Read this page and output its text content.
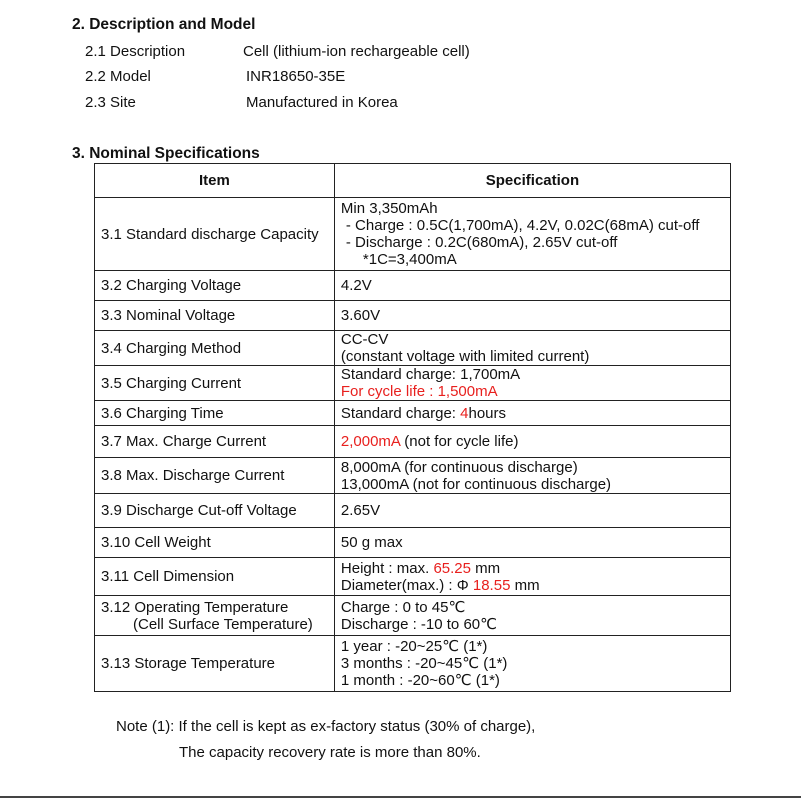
2. Description and Model
2.1 Description	Cell (lithium-ion rechargeable cell)
2.2 Model	INR18650-35E
2.3 Site	Manufactured in Korea
3. Nominal Specifications
Item	Specification

3.1 Standard discharge Capacity	Min 3,350mAh
- Charge : 0.5C(1,700mA), 4.2V, 0.02C(68mA) cut-off
- Discharge : 0.2C(680mA), 2.65V cut-off
*1C=3,400mA

3.2 Charging Voltage	4.2V

3.3 Nominal Voltage	3.60V

3.4 Charging Method	CC-CV
(constant voltage with limited current)

3.5 Charging Current	Standard charge: 1,700mA
For cycle life : 1,500mA

3.6 Charging Time	Standard charge: 4hours

3.7 Max. Charge Current	2,000mA (not for cycle life)

3.8 Max. Discharge Current	8,000mA (for continuous discharge)
13,000mA (not for continuous discharge)

3.9 Discharge Cut-off Voltage	2.65V

3.10 Cell Weight	50 g max

3.11 Cell Dimension	Height : max. 65.25 mm
Diameter(max.) : Φ 18.55 mm

3.12 Operating Temperature
(Cell Surface Temperature)	Charge : 0 to 45℃
Discharge : -10 to 60℃

3.13 Storage Temperature	1 year : -20~25℃ (1*)
3 months : -20~45℃ (1*)
1 month : -20~60℃ (1*)
Note (1): If the cell is kept as ex-factory status (30% of charge),
The capacity recovery rate is more than 80%.
